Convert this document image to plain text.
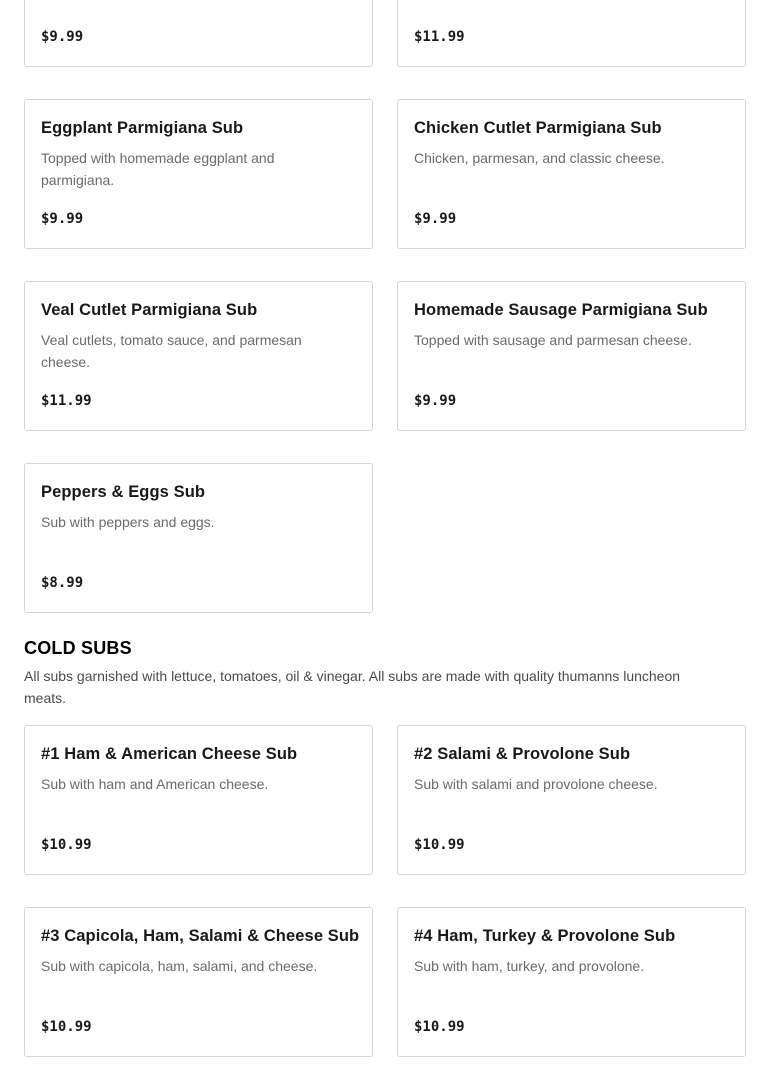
$9.99	$11.99
Eggplant Parmigiana Sub
Topped with homemade eggplant and parmigiana.
$9.99
Chicken Cutlet Parmigiana Sub
Chicken, parmesan, and classic cheese.
$9.99
Veal Cutlet Parmigiana Sub
Veal cutlets, tomato sauce, and parmesan cheese.
$11.99
Homemade Sausage Parmigiana Sub
Topped with sausage and parmesan cheese.
$9.99
Peppers & Eggs Sub
Sub with peppers and eggs.
$8.99
COLD SUBS
All subs garnished with lettuce, tomatoes, oil & vinegar. All subs are made with quality thumanns luncheon meats.
#1 Ham & American Cheese Sub
Sub with ham and American cheese.
$10.99
#2 Salami & Provolone Sub
Sub with salami and provolone cheese.
$10.99
#3 Capicola, Ham, Salami & Cheese Sub
Sub with capicola, ham, salami, and cheese.
$10.99
#4 Ham, Turkey & Provolone Sub
Sub with ham, turkey, and provolone.
$10.99
